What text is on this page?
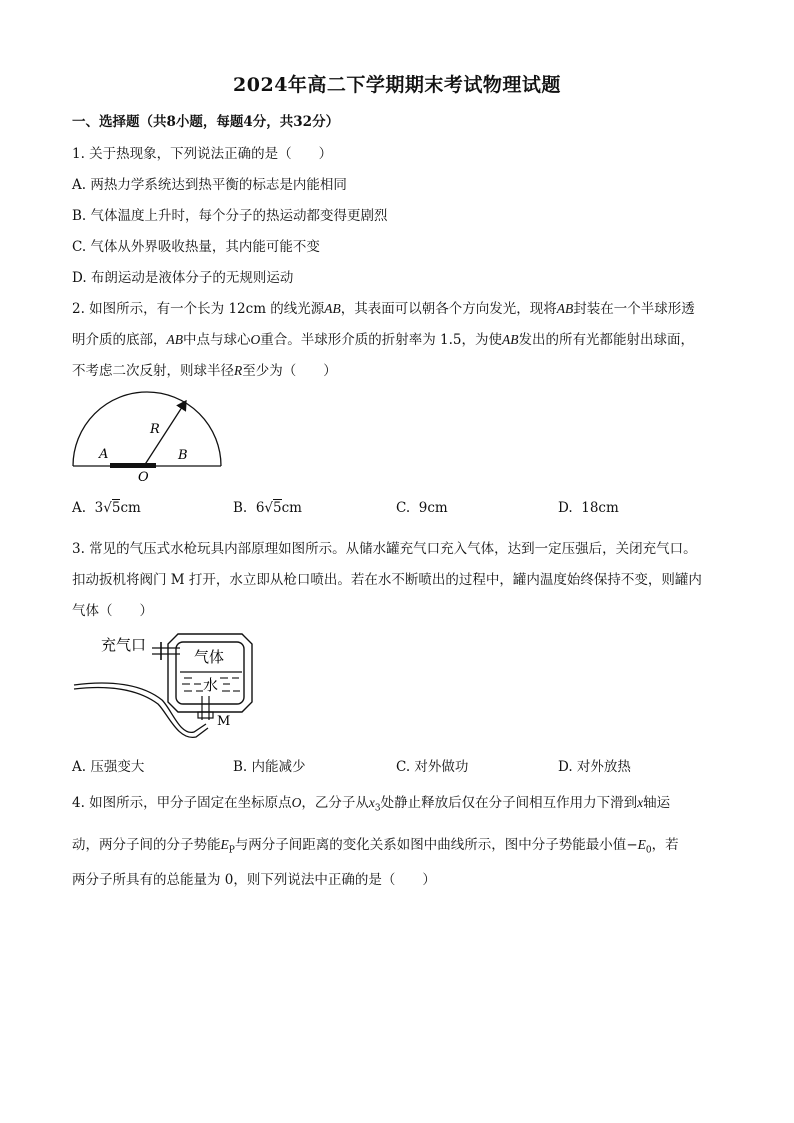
2024年高二下学期期末考试物理试题
一、选择题（共8小题，每题4分，共32分）
1. 关于热现象，下列说法正确的是（　　）
A. 两热力学系统达到热平衡的标志是内能相同
B. 气体温度上升时，每个分子的热运动都变得更剧烈
C. 气体从外界吸收热量，其内能可能不变
D. 布朗运动是液体分子的无规则运动
2. 如图所示，有一个长为 12cm 的线光源AB，其表面可以朝各个方向发光，现将AB封装在一个半球形透
明介质的底部，AB中点与球心O重合。半球形介质的折射率为 1.5，为使AB发出的所有光都能射出球面，
不考虑二次反射，则球半径R至少为（　　）
R
A	B
O
A. 3√5cm	B. 6√5cm	C. 9cm	D. 18cm
3. 常见的气压式水枪玩具内部原理如图所示。从储水罐充气口充入气体，达到一定压强后，关闭充气口。
扣动扳机将阀门 M 打开，水立即从枪口喷出。若在水不断喷出的过程中，罐内温度始终保持不变，则罐内
气体（　　）
充气口
气体
水
M
A. 压强变大	B. 内能减少	C. 对外做功	D. 对外放热
4. 如图所示，甲分子固定在坐标原点O，乙分子从$x_3$处静止释放后仅在分子间相互作用力下滑到x轴运
动，两分子间的分子势能$E_P$与两分子间距离的变化关系如图中曲线所示，图中分子势能最小值$-E_0$，若
两分子所具有的总能量为 0，则下列说法中正确的是（　　）
